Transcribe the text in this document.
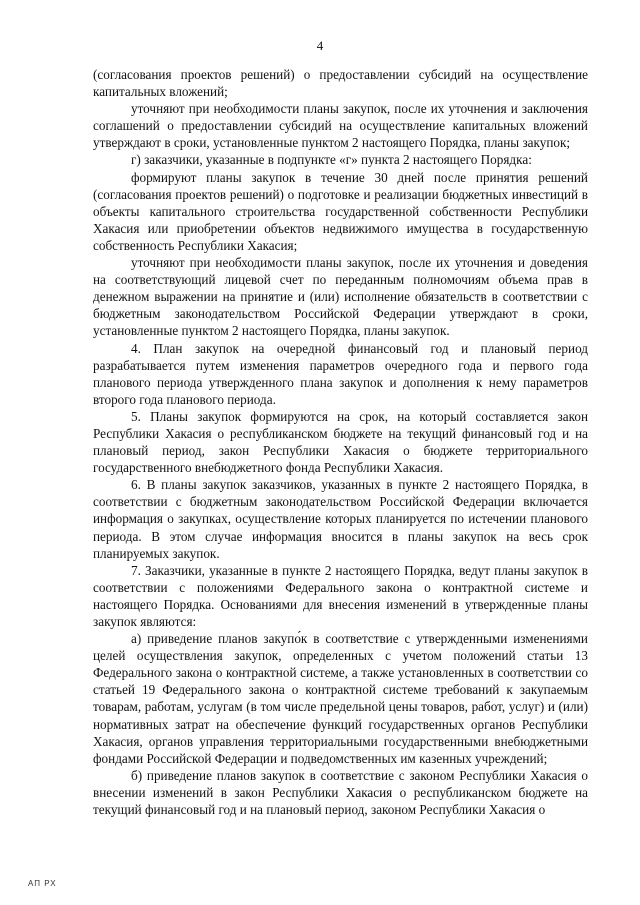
4

(согласования проектов решений) о предоставлении субсидий на осуществление капитальных вложений;

уточняют при необходимости планы закупок, после их уточнения и заключения соглашений о предоставлении субсидий на осуществление капитальных вложений утверждают в сроки, установленные пунктом 2 настоящего Порядка, планы закупок;

г) заказчики, указанные в подпункте «г» пункта 2 настоящего Порядка:

формируют планы закупок в течение 30 дней после принятия решений (согласования проектов решений) о подготовке и реализации бюджетных инвестиций в объекты капитального строительства государственной собственности Республики Хакасия или приобретении объектов недвижимого имущества в государственную собственность Республики Хакасия;

уточняют при необходимости планы закупок, после их уточнения и доведения на соответствующий лицевой счет по переданным полномочиям объема прав в денежном выражении на принятие и (или) исполнение обязательств в соответствии с бюджетным законодательством Российской Федерации утверждают в сроки, установленные пунктом 2 настоящего Порядка, планы закупок.

4. План закупок на очередной финансовый год и плановый период разрабатывается путем изменения параметров очередного года и первого года планового периода утвержденного плана закупок и дополнения к нему параметров второго года планового периода.

5. Планы закупок формируются на срок, на который составляется закон Республики Хакасия о республиканском бюджете на текущий финансовый год и на плановый период, закон Республики Хакасия о бюджете территориального государственного внебюджетного фонда Республики Хакасия.

6. В планы закупок заказчиков, указанных в пункте 2 настоящего Порядка, в соответствии с бюджетным законодательством Российской Федерации включается информация о закупках, осуществление которых планируется по истечении планового периода. В этом случае информация вносится в планы закупок на весь срок планируемых закупок.

7. Заказчики, указанные в пункте 2 настоящего Порядка, ведут планы закупок в соответствии с положениями Федерального закона о контрактной системе и настоящего Порядка. Основаниями для внесения изменений в утвержденные планы закупок являются:

а) приведение планов закупо́к в соответствие с утвержденными изменениями целей осуществления закупок, определенных с учетом положений статьи 13 Федерального закона о контрактной системе, а также установленных в соответствии со статьей 19 Федерального закона о контрактной системе требований к закупаемым товарам, работам, услугам (в том числе предельной цены товаров, работ, услуг) и (или) нормативных затрат на обеспечение функций государственных органов Республики Хакасия, органов управления территориальными государственными внебюджетными фондами Российской Федерации и подведомственных им казенных учреждений;

б) приведение планов закупок в соответствие с законом Республики Хакасия о внесении изменений в закон Республики Хакасия о республиканском бюджете на текущий финансовый год и на плановый период, законом Республики Хакасия о

АП РХ
